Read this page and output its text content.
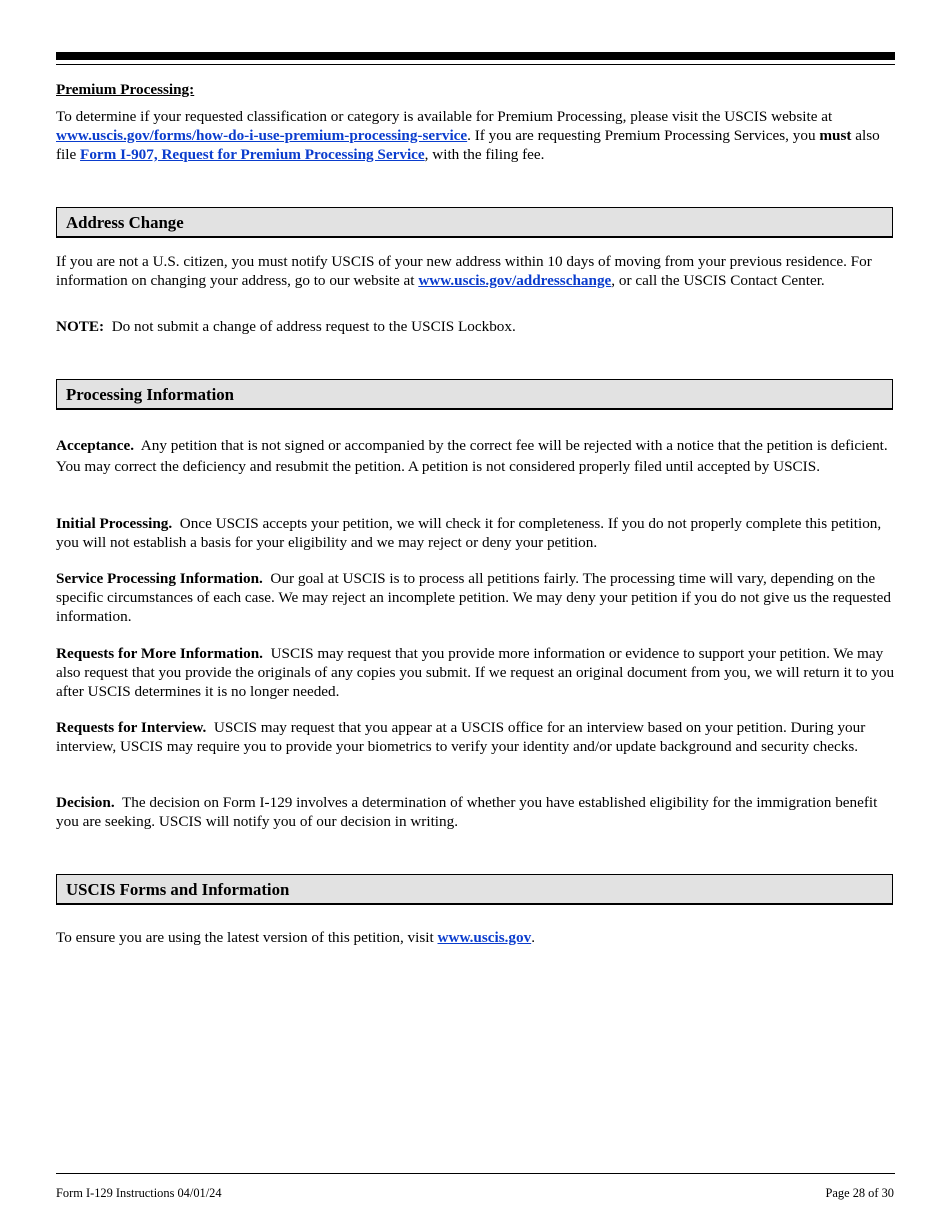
Premium Processing:

To determine if your requested classification or category is available for Premium Processing, please visit the USCIS website at www.uscis.gov/forms/how-do-i-use-premium-processing-service. If you are requesting Premium Processing Services, you must also file Form I-907, Request for Premium Processing Service, with the filing fee.

Address Change

If you are not a U.S. citizen, you must notify USCIS of your new address within 10 days of moving from your previous residence. For information on changing your address, go to our website at www.uscis.gov/addresschange, or call the USCIS Contact Center.

NOTE: Do not submit a change of address request to the USCIS Lockbox.

Processing Information

Acceptance. Any petition that is not signed or accompanied by the correct fee will be rejected with a notice that the petition is deficient. You may correct the deficiency and resubmit the petition. A petition is not considered properly filed until accepted by USCIS.

Initial Processing. Once USCIS accepts your petition, we will check it for completeness. If you do not properly complete this petition, you will not establish a basis for your eligibility and we may reject or deny your petition.

Service Processing Information. Our goal at USCIS is to process all petitions fairly. The processing time will vary, depending on the specific circumstances of each case. We may reject an incomplete petition. We may deny your petition if you do not give us the requested information.

Requests for More Information. USCIS may request that you provide more information or evidence to support your petition. We may also request that you provide the originals of any copies you submit. If we request an original document from you, we will return it to you after USCIS determines it is no longer needed.

Requests for Interview. USCIS may request that you appear at a USCIS office for an interview based on your petition. During your interview, USCIS may require you to provide your biometrics to verify your identity and/or update background and security checks.

Decision. The decision on Form I-129 involves a determination of whether you have established eligibility for the immigration benefit you are seeking. USCIS will notify you of our decision in writing.

USCIS Forms and Information

To ensure you are using the latest version of this petition, visit www.uscis.gov.

Form I-129 Instructions 04/01/24	Page 28 of 30
